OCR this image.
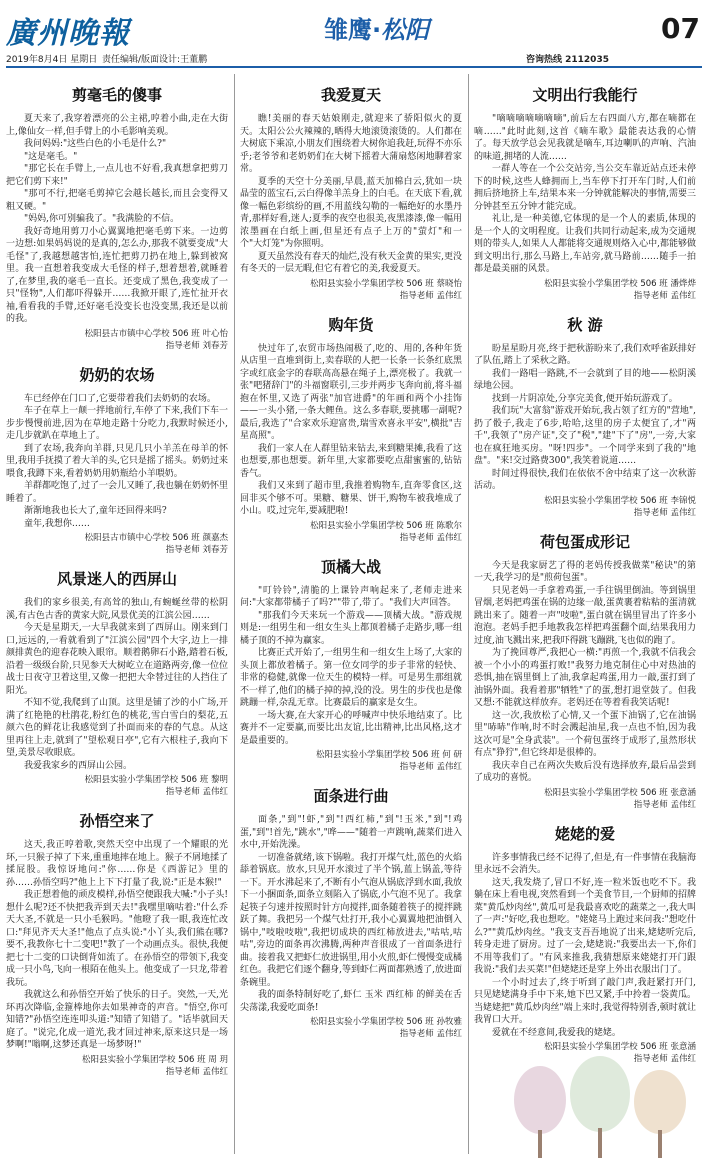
廣州晚報	雏鹰·松阳	07
2019年8月4日 星期日 责任编辑/版面设计:王董鹏	咨询热线 2112035
剪毫毛的傻事

夏天来了,我穿着漂亮的公主裙,哼着小曲,走在大街上,像仙女一样,但手臂上的小毛影响美观。

我问妈妈:"这些白色的小毛是什么?"

"这是毫毛。"

"那它长在手臂上,一点儿也不好看,我真想拿把剪刀把它们剪下来!"

"那可不行,把毫毛剪掉它会越长越长,而且会变得又粗又硬。"

"妈妈,你可别骗我了。"我满脸的不信。

我好奇地用剪刀小心翼翼地把毫毛剪下来。一边剪一边想:如果妈妈说的是真的,怎么办,那我不就要变成"大毛怪"了,我越想越害怕,连忙把剪刀扔在地上,躲到被窝里。我一直想着我变成大毛怪的样子,想着想着,就睡着了,在梦里,我的毫毛一直长。还变成了黑色,我变成了一只"怪物",人们都吓得躲开……我掀开眼了,连忙扯开衣袖,看看我的手臂,还好毫毛没变长也没变黑,我还是以前的我。

松阳县古市镇中心学校 506 班 叶心怡
指导老师 刘春芳
奶奶的农场

车已经停在门口了,它要带着我们去奶奶的农场。

车子在草上一颠一拌地前行,车停了下来,我们下车一步步慢慢前进,因为在草地走路十分吃力,我默时候还小,走几步就趴在草地上了。

到了农场,我奔向羊群,只见几只小羊羔在母羊的怀里,我用手抚摸了着大羊的头,它只是摇了摇头。奶奶过来喂食,我蹲下来,看着奶奶用奶瓶给小羊喂奶。

羊群都吃饱了,过了一会儿又睡了,我也躺在奶奶怀里睡着了。

渐渐地我也长大了,童年还回得来吗?

童年,我想你……

松阳县古市镇中心学校 506 班 颜嘉杰
指导老师 刘春芳
风景迷人的西屏山

我们的家乡很美,有高耸的独山,有蜿蜒丝带的松阴溪,有古色古香的黄家大院,风景优美的江滨公园……

今天是星期天,一大早我就来到了西屏山。刚来到门口,远远的,一看就看到了"江滨公园"四个大字,边上一排颜排黄色的迎春花映入眼帘。顺着鹅卵石小路,踏着石板,沿着一级级台阶,只见参天大树屹立在道路两旁,像一位位战士日夜守卫着这里,又像一把把大伞替过往的人挡住了阳光。

不知不觉,我爬到了山顶。这里是铺了沙的小广场,开满了红艳艳的杜鹃花,粉红色的桃花,雪白雪白的梨花,五颜六色的鲜花让我感觉到了扑面而来的春的气息。从这里再往上走,就到了"望松观日亭",它有六根柱子,我向下望,美景尽收眼底。

我爱我家乡的西屏山公园。

松阳县实验小学集团学校 506 班 黎明
指导老师 孟伟红
孙悟空来了

这天,我正哼着歌,突然天空中出现了一个耀眼的光环,一只猴子掉了下来,重重地摔在地上。猴子不屑地揉了揉屁股。我惊讶地问:"你……你是《西游记》里的孙……孙悟空吗?"他上上下下打量了我,说:"正是本猴!"

我正想着他的顽皮模样,孙悟空便跟我大喊:"小子头!想什么呢?还不快把我弄到天去!"我嘿里嘀咕着:"什么乔天大圣,不就是一只小毛猴吗。"他瞪了我一眼,我连忙改口:"拜见齐天大圣!"他点了点头说:"小丫头,我们熊在哪?要不,我教你七十二变吧!"教了一个动画点头。很快,我便把七十二变的口诀倒背如流了。在孙悟空的带领下,我变成一只小鸟,飞向一根陌在他头上。他变成了一只龙,带着我玩。

我就这么和孙悟空开始了快乐的日子。突然,一天,光环再次降临,金箍棒地你去如果神奇的声音。"悟空,你可知错?"孙悟空连连叩头道:"知错了知错了。"话毕就回天庭了。"说完,化成一道光,我才回过神来,原来这只是一场梦啊!"嗡啊,这梦还真是一场梦呀!"

松阳县实验小学集团学校 506 班 周 玥
指导老师 孟伟红
我爱夏天

瞧!美丽的春天姑娘刚走,就迎来了骄阳似火的夏天。太阳公公火辣辣的,晒得大地滚烫滚烫的。人们都在大树底下乘凉,小朋友们围绕着大树你追我赶,玩得不亦乐乎;老爷爷和老奶奶们在大树下摇着大蒲扇悠闲地聊着家常。

夏季的天空十分美丽,早晨,蓝天加棉白云,犹如一块晶莹的蓝宝石,云白得像羊羔身上的白毛。在天底下看,就像一幅色彩缤纷的画,不用蓝线勾勒的一幅绝好的水墨丹青,那样好看,迷人;夏季的夜空也很美,夜黑漆漆,像一幅用浓墨画在白纸上画,但星还有点子上万的"萤灯"和一个"大灯笼"为你照明。

夏天虽然没有春天的灿烂,没有秋天金黄的果实,更没有冬天的一层无暇,但它有着它的美,我爱夏天。

松阳县实验小学集团学校 506 班 蔡晓怡
指导老师 孟伟红
购年货

快过年了,农贸市场热闹极了,吃的、用的,各种年货从店里一直堆到街上,卖春联的人把一长条一长条红底黑字或红底金字的春联高高悬在绳子上,漂亮极了。我就一张"吧猪辞门"的斗福窗联引,三步并两步飞奔向前,将斗福抱在怀里,又选了两张"加官进爵"的年画和两个小挂饰——一头小猪,一条大鲤鱼。这么多春联,要挑哪一副呢?最后,我选了"合家欢乐迎富贵,瑞雪欢喜永平安",横批"吉星高照"。

我们一家人在人群里钻来钻去,来到糖果摊,我看了这也想要,那也想要。新年里,大家都要吃点甜蜜蜜的,钻钻香气。

我们又来到了超市里,我推着购物车,直奔零食区,这回非买个够不可。果糖、糖果、饼干,购物车被我堆成了小山。哎,过完年,要减肥啦!

松阳县实验小学集团学校 506 班 陈歌尔
指导老师 孟伟红
顶橘大战

"叮铃铃",清脆的上课铃声响起来了,老师走进来问:"大家都带橘子了吗?""带了,带了。"我们大声回答。

"那我们今天来玩一个游戏——顶橘大战。"游戏规则是:一组男生和一组女生头上都顶着橘子走路步,哪一组橘子顶的不掉为赢家。

比赛正式开始了,一组男生和一组女生上场了,大家的头顶上都放着橘子。第一位女同学的步子非常的轻快、非常的稳健,就像一位天生的模特一样。可是男生那组就不一样了,他们的橘子掉的掉,没的没。男生的步伐也是像跳蹦一样,杂乱无章。比赛最后的赢家是女生。

一场大赛,在大家开心的呼喊声中快乐地结束了。比赛并不一定要赢,而要比出友谊,比出精神,比出风格,这才是最重要的。

松阳县实验小学集团学校 506 班 何 研
指导老师 孟伟红
面条进行曲

面条,"到"!虾,"到"!西红柿,"到"!玉米,"到"!鸡蛋,"到"!首先,"跳水","哗——"随着一声跳响,蔬菜们进入水中,开始洗澡。

一切准备就绪,该下锅啦。我打开煤气灶,蓝色的火焰舔着锅底。放水,只见开水滚过了半个锅,蓝上锅盖,等待一下。开水沸起来了,不断有小气泡从锅底浮到水面,我放下一小捆面条,面条立刻陷入了锅底,小气泡不见了。我拿起筷子匀速并按照时针方向搅拌,面条随着筷子的搅拌跳跃了舞。我把另一个煤气灶打开,我小心翼翼地把油倒入锅中,"吱啦吱啦",我把切成块的西红柿放进去,"咕咕,咕咕",旁边的面条再次沸腾,两种声音很成了一首面条进行曲。接着我又把虾仁放进锅里,用小火煎,虾仁慢慢变成橘红色。我把它们逐个翻身,等到虾仁两面都熟透了,放进面条碗里。

我的面条特制好吃了,虾仁 玉米 西红柿 的鲜美在舌尖荡漾,我爱吃面条!

松阳县实验小学集团学校 506 班 孙牧雅
指导老师 孟伟红
文明出行我能行

"嘀嘀嘀嘀嘀嘀嘀",前后左右四面八方,都在嘀都在嘀……"此时此刻,这首《嘀车歌》最能表达我的心情了。每天放学总会见我就是嘀车,耳边喇叭的声响、汽油的味道,拥堵的人流……

一群人等在一个公交站旁,当公交车靠近站点还未停下的时候,这些人蜂拥而上,当车停下打开车门时,人们前拥后挤地挤上车,结果本来一分钟就能解决的事情,需要三分钟甚至五分钟才能完成。

礼让,是一种美德,它体现的是一个人的素质,体现的是一个人的文明程度。让我们共同行动起来,成为交通规则的带头人,如果人人都能将交通规则烙入心中,都能够做到文明出行,那么马路上,车站旁,就马路前……随手一拍都是最美丽的风景。

松阳县实验小学集团学校 506 班 潘烨烨
指导老师 孟伟红
秋 游

盼星星盼月亮,终于把秋游盼来了,我们欢呼雀跃排好了队伍,踏上了采秋之路。

我们一路唱一路跳,不一会就到了目的地——松阴溪绿地公园。

找到一片阴凉处,分享完美食,便开始玩游戏了。

我们玩"大富翁"游戏开始玩,我占领了红方的"营地",扔了骰子,我走了6步,哈哈,这里的房子太便宜了,才"两千",我领了"房产证",交了"税","建"下了"房",一旁,大家也在疯狂地买房。"呀!四步"。一个同学来到了我的"地盘"。"来!交过路费300",我笑着说道……

时间过得很快,我们在依依不舍中结束了这一次秋游活动。

松阳县实验小学集团学校 506 班 李锦悦
指导老师 孟伟红
荷包蛋成形记

今天是我家厨艺了得的老妈传授我做菜"秘诀"的第一天,我学习的是"煎荷包蛋"。

只见老妈一手拿着鸡蛋,一手往锅里倒油。等到锅里冒烟,老妈把鸡蛋在锅的边缘一敲,蛋黄裹着粘粘的蛋清就跳出来了。随着一声"吱啦",蛋白就在锅里冒出了许多小泡泡。老妈手把手地教我怎样把鸡蛋翻个面,结果我用力过度,油飞溅出来,把我吓得跳飞蹦跳,飞也似的跑了。

为了挽回尊严,我把心一横:"再煎一个,我就不信我会被一个小小的鸡蛋打败!"我努力地克制住心中对热油的恐惧,抽在锅里倒上了油,我拿起鸡蛋,用力一敲,蛋打到了油锅外面。我看着那"牺牲"了的蛋,想打退堂鼓了。但我又想:不能就这样放弃。老妈还在等着看我笑话呢!

这一次,我放松了心情,又一个蛋下油锅了,它在油锅里"哧哧"作响,时不时会溅起油星,我一点也不怕,因为我这次可是"全身武装"。一个荷包蛋终于成形了,虽然形状有点"狰狞",但它终却是很棒的。

我庆幸自己在两次失败后没有选择放弃,最后品尝到了成功的喜悦。

松阳县实验小学集团学校 506 班 张意涵
指导老师 孟伟红
姥姥的爱

许多事情我已经不记得了,但是,有一件事情在我脑海里永远不会消失。

这天,我发烧了,冒口不好,连一粒米饭也吃不下。我躺在床上看电视,突然看到一个美食节目,一个厨师的招牌菜"黄瓜炒肉丝",黄瓜可是我最喜欢吃的蔬菜之一,我大叫了一声:"好吃,我也想吃。"姥姥马上跑过来问我:"想吃什么?""黄瓜炒肉丝。"我支支吾吾地说了出来,姥姥听完后,转身走进了厨房。过了一会,姥姥说:"我要出去一下,你们不用等我们了。"有风来推我,我猜想原来姥姥打开门跟我说:"我们去买菜!"但姥姥还是穿上外出衣服出门了。

一个小时过去了,终于听到了敲门声,我赶紧打开门,只见姥姥满身手中下来,她下巴又紧,手中拎着一袋黄瓜。当姥姥把"黄瓜炒肉丝"端上来时,我觉得特别香,顿时就让我胃口大开。

爱就在不经意间,我爱我的姥姥。

松阳县实验小学集团学校 506 班 张意涵
指导老师 孟伟红
